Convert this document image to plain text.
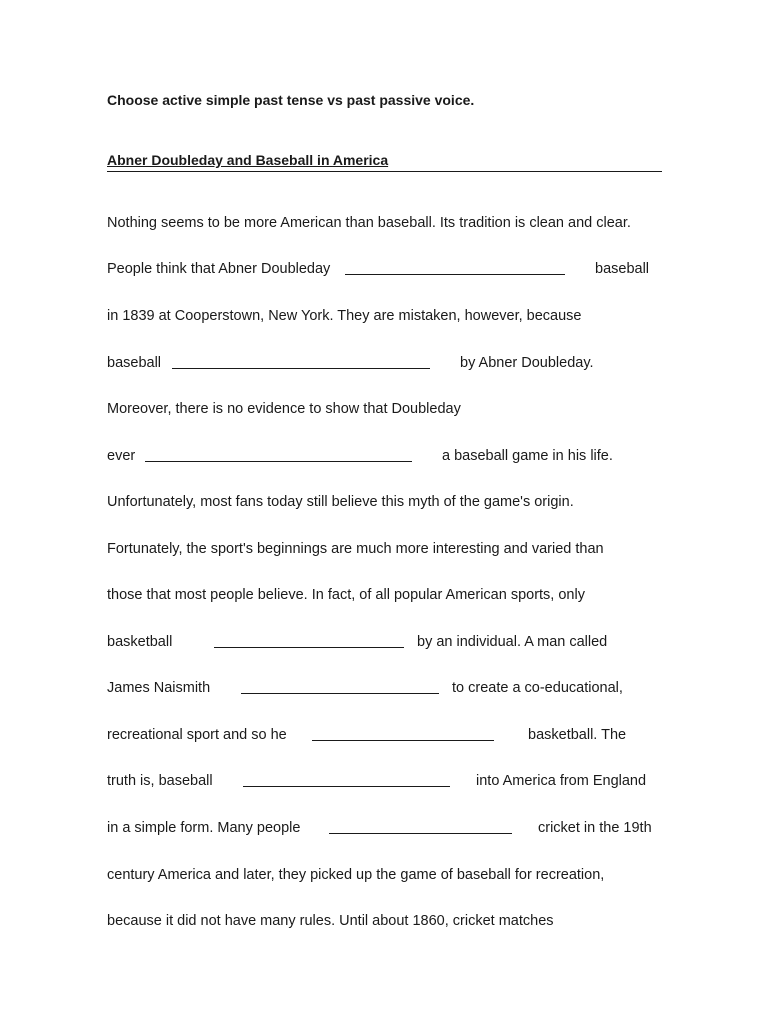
Choose active simple past tense vs past passive voice.
Abner Doubleday and Baseball in America
Nothing seems to be more American than baseball. Its tradition is clean and clear.
People think that Abner Doubleday	baseball
in 1839 at Cooperstown, New York. They are mistaken, however, because
baseball	by Abner Doubleday.
Moreover, there is no evidence to show that Doubleday
ever	a baseball game in his life.
Unfortunately, most fans today still believe this myth of the game's origin.
Fortunately, the sport's beginnings are much more interesting and varied than
those that most people believe. In fact, of all popular American sports, only
basketball	by an individual. A man called
James Naismith	to create a co-educational,
recreational sport and so he	basketball. The
truth is, baseball	into America from England
in a simple form. Many people	cricket in the 19th
century America and later, they picked up the game of baseball for recreation,
because it did not have many rules. Until about 1860, cricket matches
